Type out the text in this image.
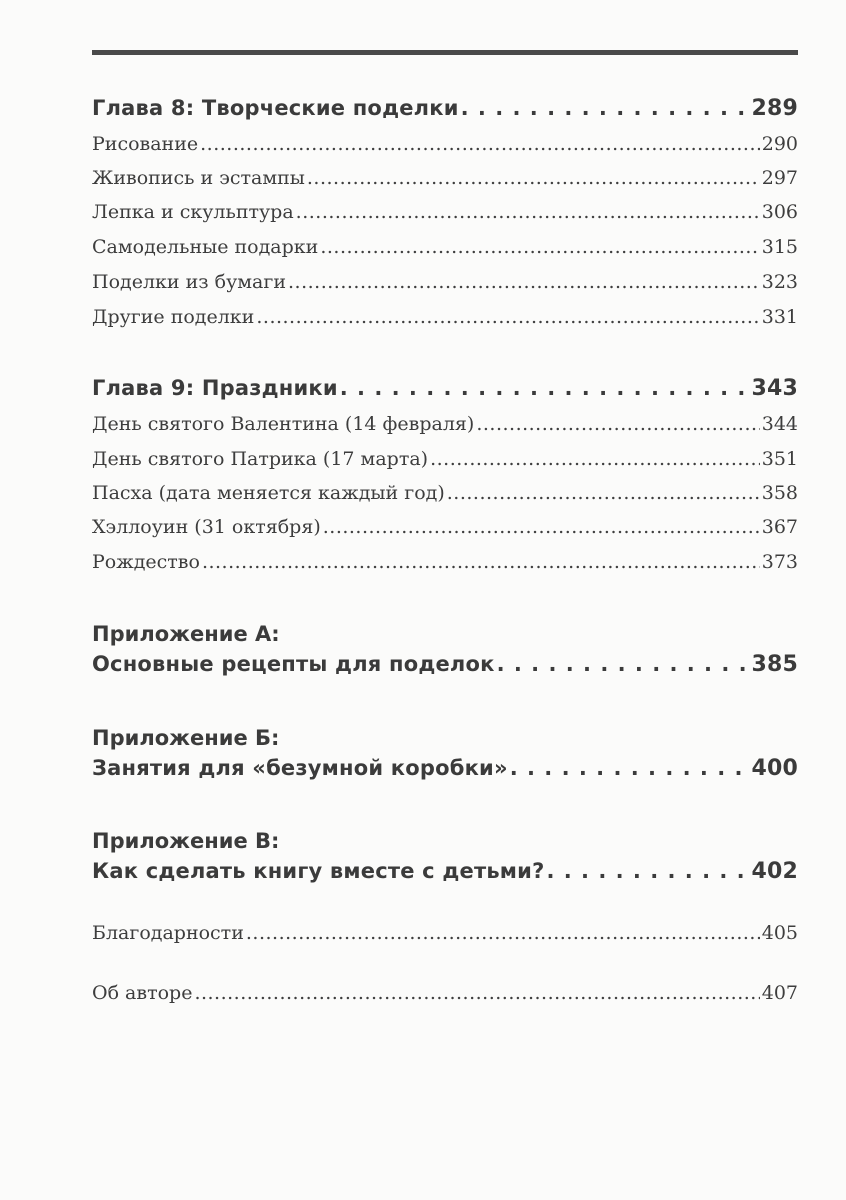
Глава 8: Творческие поделки . .	289
Рисование .....	290
Живопись и эстампы .....	297
Лепка и скульптура .....	306
Самодельные подарки .....	315
Поделки из бумаги .....	323
Другие поделки .....	331
Глава 9: Праздники . .	343
День святого Валентина (14 февраля) .....	344
День святого Патрика (17 марта) .....	351
Пасха (дата меняется каждый год) .....	358
Хэллоуин (31 октября) .....	367
Рождество .....	373
Приложение А:
Основные рецепты для поделок . .	385
Приложение Б:
Занятия для «безумной коробки» . .	400
Приложение В:
Как сделать книгу вместе с детьми? . .	402
Благодарности .....	405
Об авторе .....	407
